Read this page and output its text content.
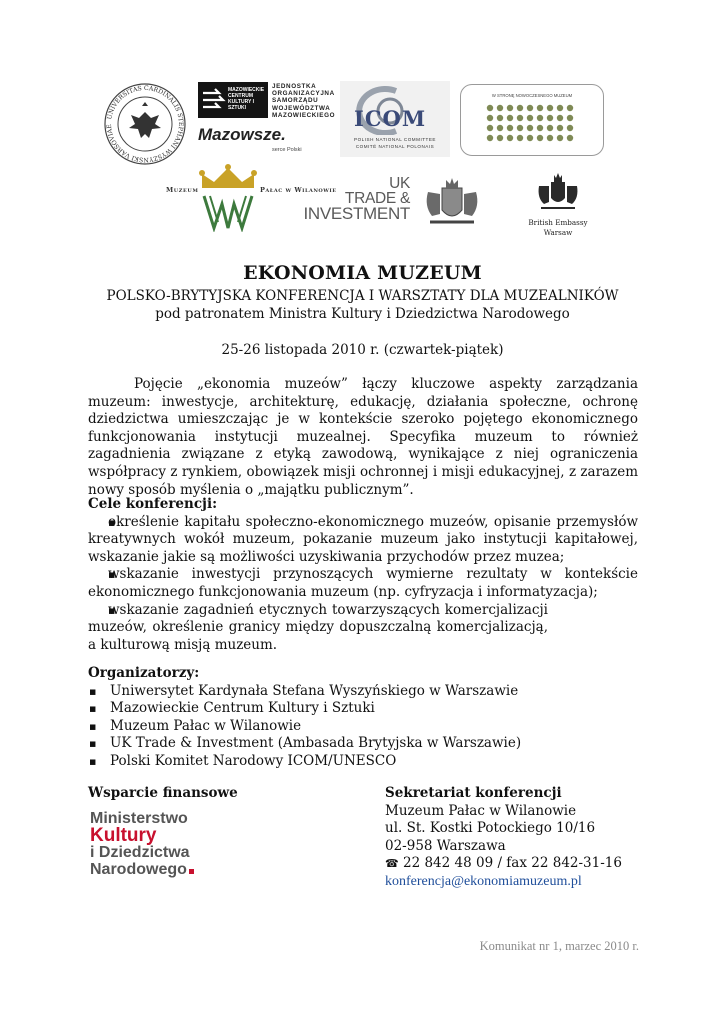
UNIVERSITAS CARDINALIS STEPHANI WYSZYNSKI VARSOVIAE
MAZOWIECKIE CENTRUM KULTURY I SZTUKI
JEDNOSTKA
ORGANIZACYJNA
SAMORZĄDU
WOJEWÓDZTWA
MAZOWIECKIEGO
Mazowsze.
serce Polski
ICOM
POLISH NATIONAL COMMITTEE
COMITÉ NATIONAL POLONAIS
W STRONĘ NOWOCZESNEGO MUZEUM
Muzeum	Pałac w Wilanowie	UK
TRADE &
INVESTMENT	British Embassy
Warsaw
EKONOMIA MUZEUM
POLSKO-BRYTYJSKA KONFERENCJA I WARSZTATY DLA MUZEALNIKÓW
pod patronatem Ministra Kultury i Dziedzictwa Narodowego
25-26 listopada 2010 r. (czwartek-piątek)
Pojęcie „ekonomia muzeów” łączy kluczowe aspekty zarządzania muzeum: inwestycje, architekturę, edukację, działania społeczne, ochronę dziedzictwa umieszczając je w kontekście szeroko pojętego ekonomicznego funkcjonowania instytucji muzealnej. Specyfika muzeum to również zagadnienia związane z etyką zawodową, wynikające z niej ograniczenia współpracy z rynkiem, obowiązek misji ochronnej i misji edukacyjnej, z zarazem nowy sposób myślenia o „majątku publicznym”.
Cele konferencji:
▪ określenie kapitału społeczno-ekonomicznego muzeów, opisanie przemysłów kreatywnych wokół muzeum, pokazanie muzeum jako instytucji kapitałowej, wskazanie jakie są możliwości uzyskiwania przychodów przez muzea;
▪ wskazanie inwestycji przynoszących wymierne rezultaty w kontekście ekonomicznego funkcjonowania muzeum (np. cyfryzacja i informatyzacja);
▪ wskazanie zagadnień etycznych towarzyszących komercjalizacji muzeów, określenie granicy między dopuszczalną komercjalizacją, a kulturową misją muzeum.
Organizatorzy:
▪ Uniwersytet Kardynała Stefana Wyszyńskiego w Warszawie
▪ Mazowieckie Centrum Kultury i Sztuki
▪ Muzeum Pałac w Wilanowie
▪ UK Trade & Investment (Ambasada Brytyjska w Warszawie)
▪ Polski Komitet Narodowy ICOM/UNESCO
Wsparcie finansowe
Ministerstwo
Kultury
i Dziedzictwa
Narodowego
Sekretariat konferencji
Muzeum Pałac w Wilanowie
ul. St. Kostki Potockiego 10/16
02-958 Warszawa
☎ 22 842 48 09 / fax 22 842-31-16
konferencja@ekonomiamuzeum.pl
Komunikat nr 1, marzec 2010 r.
